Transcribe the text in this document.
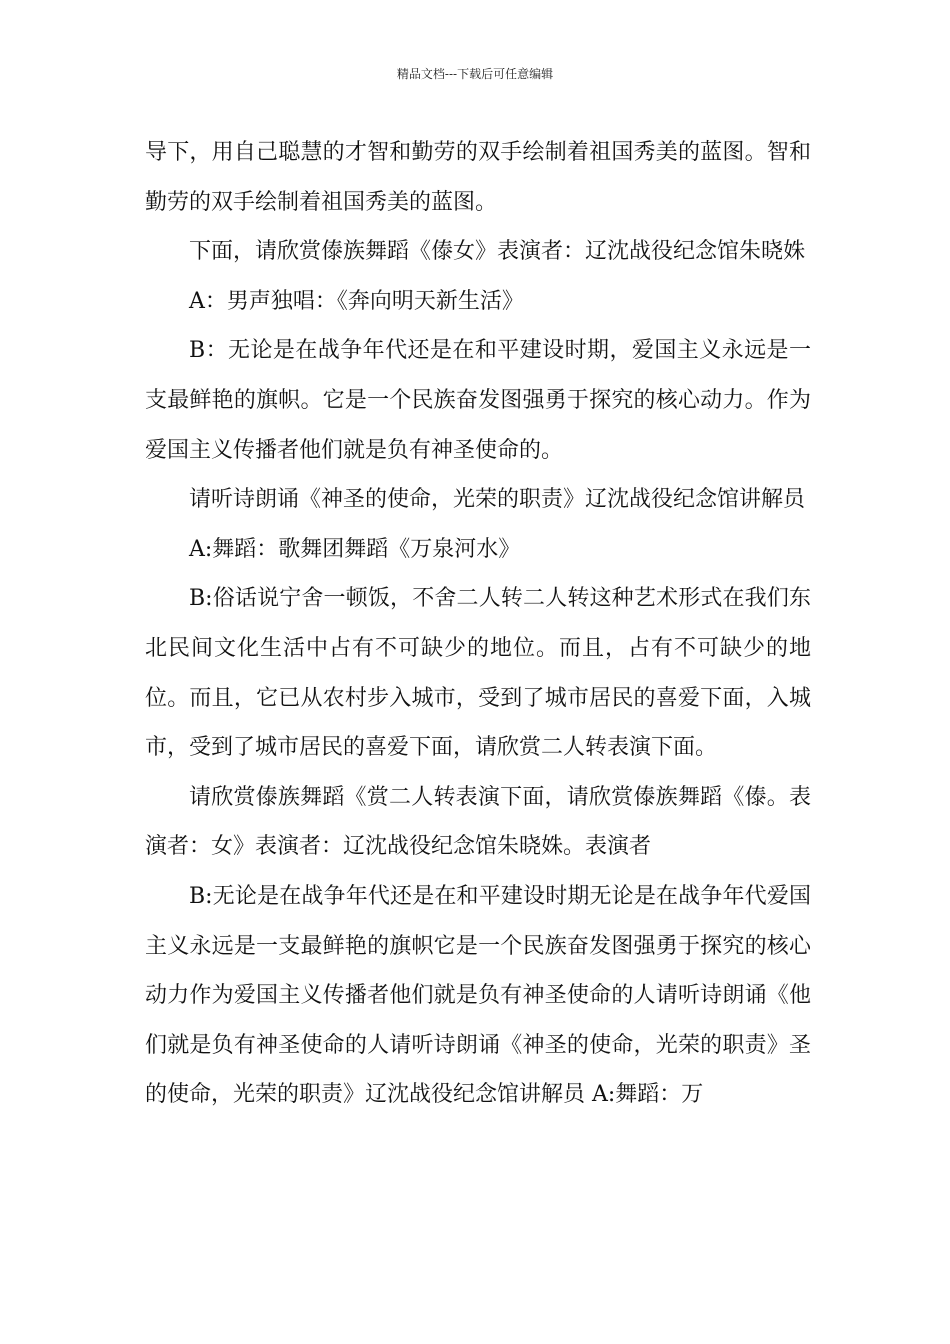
精品文档---下载后可任意编辑

导下，用自己聪慧的才智和勤劳的双手绘制着祖国秀美的蓝图。智和勤劳的双手绘制着祖国秀美的蓝图。

下面，请欣赏傣族舞蹈《傣女》表演者：辽沈战役纪念馆朱晓姝

A：男声独唱：《奔向明天新生活》

B：无论是在战争年代还是在和平建设时期，爱国主义永远是一支最鲜艳的旗帜。它是一个民族奋发图强勇于探究的核心动力。作为爱国主义传播者他们就是负有神圣使命的。

请听诗朗诵《神圣的使命，光荣的职责》辽沈战役纪念馆讲解员

A:舞蹈：歌舞团舞蹈《万泉河水》

B:俗话说宁舍一顿饭，不舍二人转二人转这种艺术形式在我们东北民间文化生活中占有不可缺少的地位。而且，占有不可缺少的地位。而且，它已从农村步入城市，受到了城市居民的喜爱下面，入城市，受到了城市居民的喜爱下面，请欣赏二人转表演下面。

请欣赏傣族舞蹈《赏二人转表演下面，请欣赏傣族舞蹈《傣。表演者：女》表演者：辽沈战役纪念馆朱晓姝。表演者

B:无论是在战争年代还是在和平建设时期无论是在战争年代爱国主义永远是一支最鲜艳的旗帜它是一个民族奋发图强勇于探究的核心动力作为爱国主义传播者他们就是负有神圣使命的人请听诗朗诵《他们就是负有神圣使命的人请听诗朗诵《神圣的使命，光荣的职责》圣的使命，光荣的职责》辽沈战役纪念馆讲解员 A:舞蹈：万
